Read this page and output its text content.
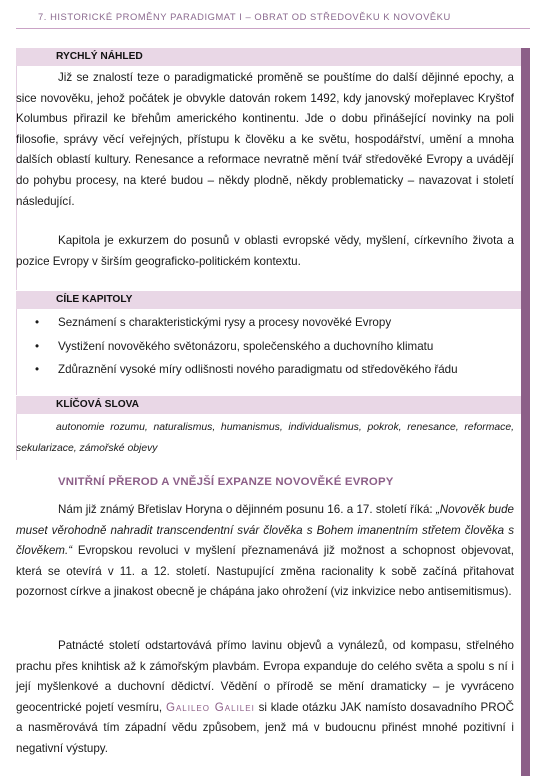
7. HISTORICKÉ PROMĚNY PARADIGMAT I – OBRAT OD STŘEDOVĚKU K NOVOVĚKU
RYCHLÝ NÁHLED
Již se znalostí teze o paradigmatické proměně se pouštíme do další dějinné epochy, a sice novověku, jehož počátek je obvykle datován rokem 1492, kdy janovský mořeplavec Kryštof Kolumbus přirazil ke břehům amerického kontinentu. Jde o dobu přinášející novinky na poli filosofie, správy věcí veřejných, přístupu k člověku a ke světu, hospodářství, umění a mnoha dalších oblastí kultury. Renesance a reformace nevratně mění tvář středověké Evropy a uvádějí do pohybu procesy, na které budou – někdy plodně, někdy problematicky – navazovat i století následující.
Kapitola je exkurzem do posunů v oblasti evropské vědy, myšlení, církevního života a pozice Evropy v širším geograficko-politickém kontextu.
CÍLE KAPITOLY
• Seznámení s charakteristickými rysy a procesy novověké Evropy
• Vystižení novověkého světonázoru, společenského a duchovního klimatu
• Zdůraznění vysoké míry odlišnosti nového paradigmatu od středověkého řádu
KLÍČOVÁ SLOVA
autonomie rozumu, naturalismus, humanismus, individualismus, pokrok, renesance, reformace, sekularizace, zámořské objevy
VNITŘNÍ PŘEROD A VNĚJŠÍ EXPANZE NOVOVĚKÉ EVROPY
Nám již známý Břetislav Horyna o dějinném posunu 16. a 17. století říká: „Novověk bude muset věrohodně nahradit transcendentní svár člověka s Bohem imanentním střetem člověka s člověkem.“ Evropskou revoluci v myšlení přeznamenává již možnost a schopnost objevovat, která se otevírá v 11. a 12. století. Nastupující změna racionality k sobě začíná přitahovat pozornost církve a jinakost obecně je chápána jako ohrožení (viz inkvizice nebo antisemitismus).
Patnácté století odstartovává přímo lavinu objevů a vynálezů, od kompasu, střelného prachu přes knihtisk až k zámořským plavbám. Evropa expanduje do celého světa a spolu s ní i její myšlenkové a duchovní dědictví. Vědění o přírodě se mění dramaticky – je vyvráceno geocentrické pojetí vesmíru, Galileo Galilei si klade otázku JAK namísto dosavadního PROČ a nasměrovává tím západní vědu způsobem, jenž má v budoucnu přinést mnohé pozitivní i negativní výstupy.
